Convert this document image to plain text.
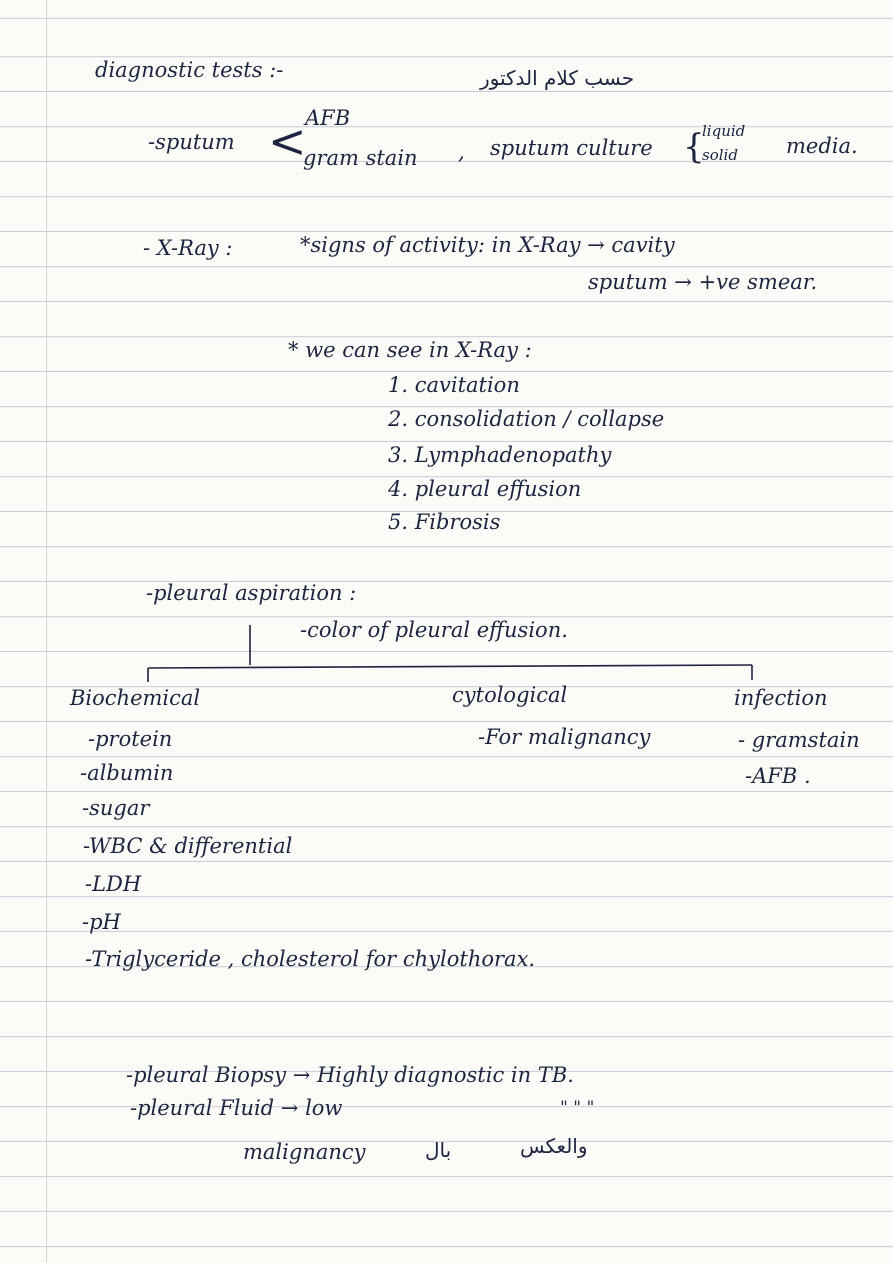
diagnostic tests :-	حسب كلام الدكتور
-sputum <
AFB
gram stain , sputum culture {
liquid
solid media.
- X-Ray :	*signs of activity: in X-Ray → cavity
sputum → +ve smear.
* we can see in X-Ray :
1. cavitation
2. consolidation / collapse
3. Lymphadenopathy
4. pleural effusion
5. Fibrosis
-pleural aspiration :
-color of pleural effusion.
Biochemical
-protein
-albumin
-sugar
-WBC & differential
-LDH
-pH
-Triglyceride , cholesterol for chylothorax.
cytological
-For malignancy
infection
- gramstain
-AFB .
-pleural Biopsy → Highly diagnostic in TB.
-pleural Fluid → low	" " "
malignancy	بال	والعكس
